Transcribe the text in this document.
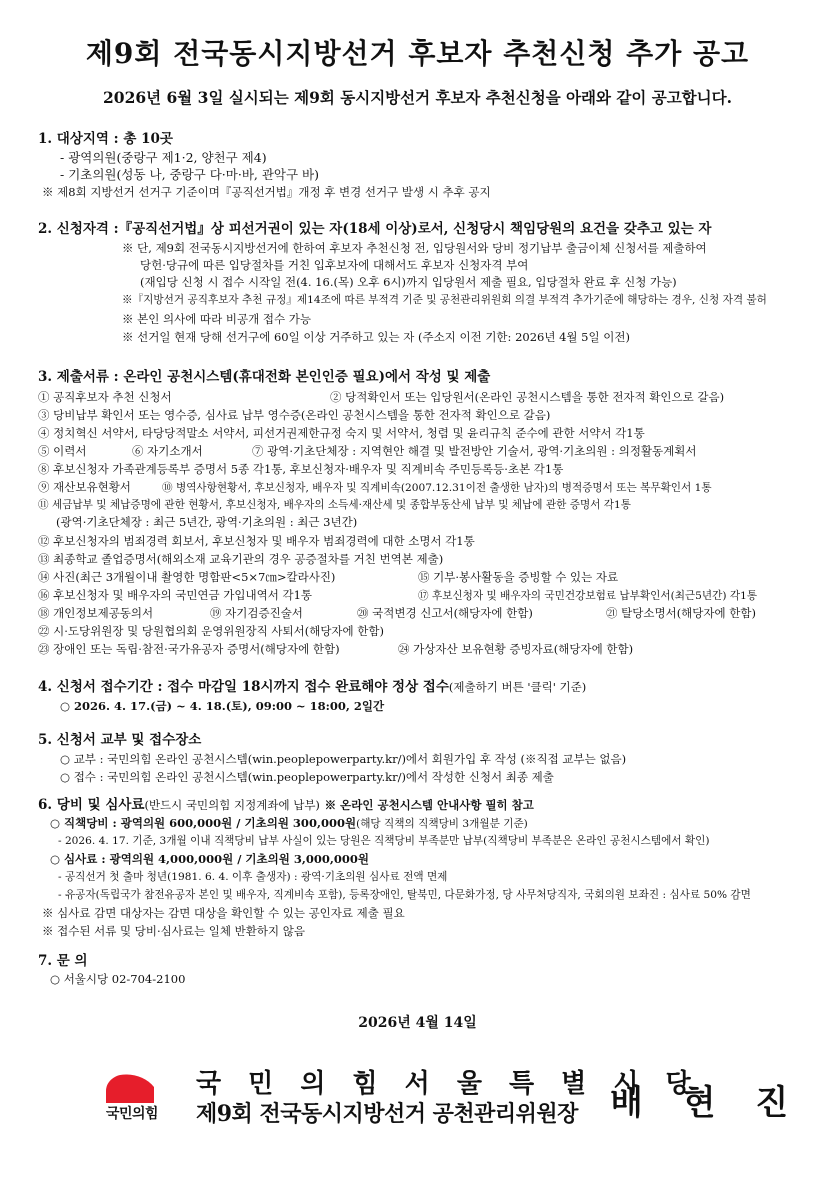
제9회 전국동시지방선거 후보자 추천신청 추가 공고
2026년 6월 3일 실시되는 제9회 동시지방선거 후보자 추천신청을 아래와 같이 공고합니다.
1. 대상지역 : 총 10곳
- 광역의원(중랑구 제1·2, 양천구 제4)
- 기초의원(성동 나, 중랑구 다·마·바, 관악구 바)
※ 제8회 지방선거 선거구 기준이며『공직선거법』개정 후 변경 선거구 발생 시 추후 공지
2. 신청자격 :『공직선거법』상 피선거권이 있는 자(18세 이상)로서, 신청당시 책임당원의 요건을 갖추고 있는 자
※ 단, 제9회 전국동시지방선거에 한하여 후보자 추천신청 전, 입당원서와 당비 정기납부 출금이체 신청서를 제출하여
당헌·당규에 따른 입당절차를 거친 입후보자에 대해서도 후보자 신청자격 부여
(재입당 신청 시 접수 시작일 전(4. 16.(목) 오후 6시)까지 입당원서 제출 필요, 입당절차 완료 후 신청 가능)
※『지방선거 공직후보자 추천 규정』제14조에 따른 부적격 기준 및 공천관리위원회 의결 부적격 추가기준에 해당하는 경우, 신청 자격 불허
※ 본인 의사에 따라 비공개 접수 가능
※ 선거일 현재 당해 선거구에 60일 이상 거주하고 있는 자 (주소지 이전 기한: 2026년 4월 5일 이전)
3. 제출서류 : 온라인 공천시스템(휴대전화 본인인증 필요)에서 작성 및 제출
① 공직후보자 추천 신청서	② 당적확인서 또는 입당원서(온라인 공천시스템을 통한 전자적 확인으로 갈음)
③ 당비납부 확인서 또는 영수증, 심사료 납부 영수증(온라인 공천시스템을 통한 전자적 확인으로 갈음)
④ 정치혁신 서약서, 타당당적말소 서약서, 피선거권제한규정 숙지 및 서약서, 청렴 및 윤리규칙 준수에 관한 서약서 각1통
⑤ 이력서	⑥ 자기소개서	⑦ 광역·기초단체장 : 지역현안 해결 및 발전방안 기술서, 광역·기초의원 : 의정활동계획서
⑧ 후보신청자 가족관계등록부 증명서 5종 각1통, 후보신청자·배우자 및 직계비속 주민등록등·초본 각1통
⑨ 재산보유현황서	⑩ 병역사항현황서, 후보신청자, 배우자 및 직계비속(2007.12.31이전 출생한 남자)의 병적증명서 또는 복무확인서 1통
⑪ 세금납부 및 체납증명에 관한 현황서, 후보신청자, 배우자의 소득세·재산세 및 종합부동산세 납부 및 체납에 관한 증명서 각1통
(광역·기초단체장 : 최근 5년간, 광역·기초의원 : 최근 3년간)
⑫ 후보신청자의 범죄경력 회보서, 후보신청자 및 배우자 범죄경력에 대한 소명서 각1통
⑬ 최종학교 졸업증명서(해외소재 교육기관의 경우 공증절차를 거친 번역본 제출)
⑭ 사진(최근 3개월이내 촬영한 명함판<5×7㎝>칼라사진)	⑮ 기부·봉사활동을 증빙할 수 있는 자료
⑯ 후보신청자 및 배우자의 국민연금 가입내역서 각1통	⑰ 후보신청자 및 배우자의 국민건강보험료 납부확인서(최근5년간) 각1통
⑱ 개인정보제공동의서	⑲ 자기검증진술서	⑳ 국적변경 신고서(해당자에 한함)	㉑ 탈당소명서(해당자에 한함)
㉒ 시·도당위원장 및 당원협의회 운영위원장직 사퇴서(해당자에 한함)
㉓ 장애인 또는 독립·참전·국가유공자 증명서(해당자에 한함)	㉔ 가상자산 보유현황 증빙자료(해당자에 한함)
4. 신청서 접수기간 : 접수 마감일 18시까지 접수 완료해야 정상 접수(제출하기 버튼 '클릭' 기준)
○ 2026. 4. 17.(금) ~ 4. 18.(토), 09:00 ~ 18:00, 2일간
5. 신청서 교부 및 접수장소
○ 교부 : 국민의힘 온라인 공천시스템(win.peoplepowerparty.kr/)에서 회원가입 후 작성 (※직접 교부는 없음)
○ 접수 : 국민의힘 온라인 공천시스템(win.peoplepowerparty.kr/)에서 작성한 신청서 최종 제출
6. 당비 및 심사료(반드시 국민의힘 지정계좌에 납부) ※ 온라인 공천시스템 안내사항 필히 참고
○ 직책당비 : 광역의원 600,000원 / 기초의원 300,000원(해당 직책의 직책당비 3개월분 기준)
- 2026. 4. 17. 기준, 3개월 이내 직책당비 납부 사실이 있는 당원은 직책당비 부족분만 납부(직책당비 부족분은 온라인 공천시스템에서 확인)
○ 심사료 : 광역의원 4,000,000원 / 기초의원 3,000,000원
- 공직선거 첫 출마 청년(1981. 6. 4. 이후 출생자) : 광역·기초의원 심사료 전액 면제
- 유공자(독립국가 참전유공자 본인 및 배우자, 직계비속 포함), 등록장애인, 탈북민, 다문화가정, 당 사무처당직자, 국회의원 보좌진 : 심사료 50% 감면
※ 심사료 감면 대상자는 감면 대상을 확인할 수 있는 공인자료 제출 필요
※ 접수된 서류 및 당비·심사료는 일체 반환하지 않음
7. 문 의
○ 서울시당 02-704-2100
2026년 4월 14일
국민의힘
국 민 의 힘 서 울 특 별 시 당
제9회 전국동시지방선거 공천관리위원장 배 현 진
